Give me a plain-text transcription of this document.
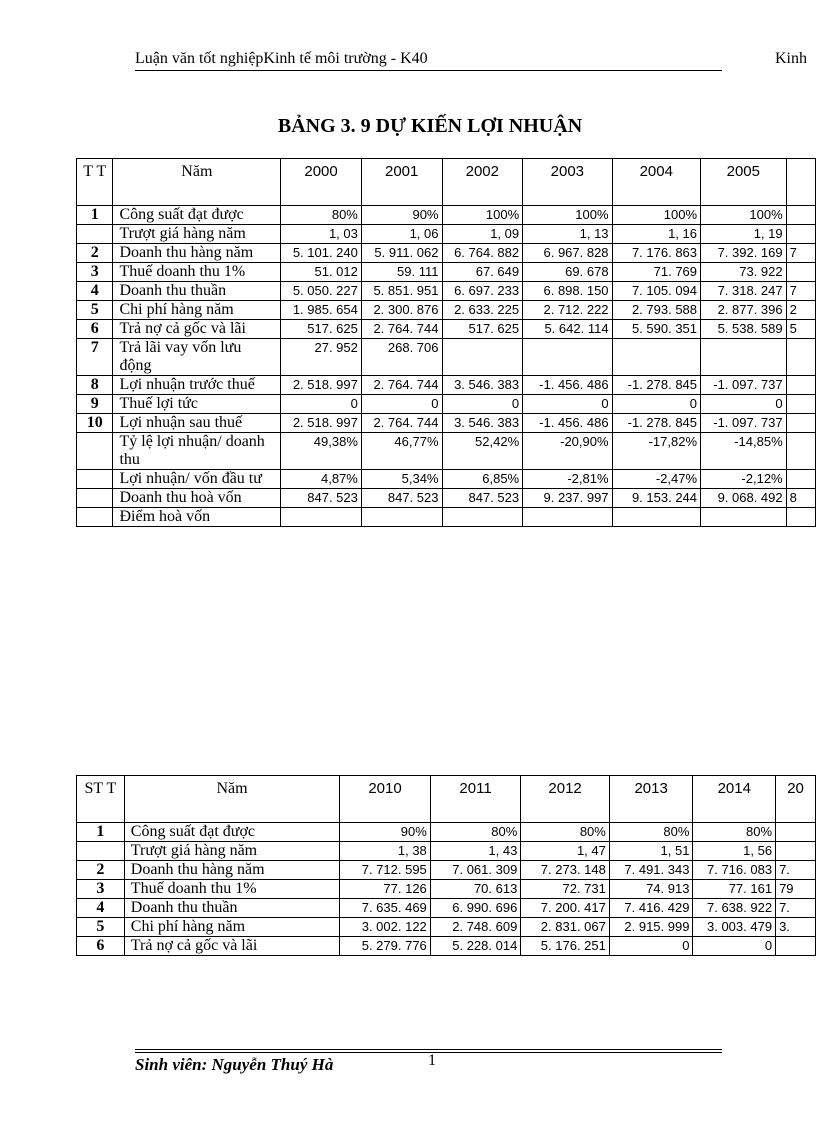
Luận văn tốt nghiệpKinh tế môi trường - K40	Kinh
BẢNG 3. 9 DỰ KIẾN LỢI NHUẬN
T T	Năm	2000	2001	2002	2003	2004	2005	
1	Công suất đạt được	80%	90%	100%	100%	100%	100%	
	Trượt giá hàng năm	1, 03	1, 06	1, 09	1, 13	1, 16	1, 19	
2	Doanh thu hàng năm	5. 101. 240	5. 911. 062	6. 764. 882	6. 967. 828	7. 176. 863	7. 392. 169	7
3	Thuế doanh thu 1%	51. 012	59. 111	67. 649	69. 678	71. 769	73. 922	
4	Doanh thu thuần	5. 050. 227	5. 851. 951	6. 697. 233	6. 898. 150	7. 105. 094	7. 318. 247	7
5	Chi phí hàng năm	1. 985. 654	2. 300. 876	2. 633. 225	2. 712. 222	2. 793. 588	2. 877. 396	2
6	Trả nợ cả gốc và lãi	517. 625	2. 764. 744	517. 625	5. 642. 114	5. 590. 351	5. 538. 589	5
7	Trả lãi vay vốn lưu động	27. 952	268. 706					
8	Lợi nhuận trước thuế	2. 518. 997	2. 764. 744	3. 546. 383	-1. 456. 486	-1. 278. 845	-1. 097. 737	
9	Thuế lợi tức	0	0	0	0	0	0	
10	Lợi nhuận sau thuế	2. 518. 997	2. 764. 744	3. 546. 383	-1. 456. 486	-1. 278. 845	-1. 097. 737	
	Tỷ lệ lợi nhuận/ doanh thu	49,38%	46,77%	52,42%	-20,90%	-17,82%	-14,85%	
	Lợi nhuận/ vốn đầu tư	4,87%	5,34%	6,85%	-2,81%	-2,47%	-2,12%	
	Doanh thu hoà vốn	847. 523	847. 523	847. 523	9. 237. 997	9. 153. 244	9. 068. 492	8
	Điểm hoà vốn							
ST T	Năm	2010	2011	2012	2013	2014	20
1	Công suất đạt được	90%	80%	80%	80%	80%	
	Trượt giá hàng năm	1, 38	1, 43	1, 47	1, 51	1, 56	
2	Doanh thu hàng năm	7. 712. 595	7. 061. 309	7. 273. 148	7. 491. 343	7. 716. 083	7.
3	Thuế doanh thu 1%	77. 126	70. 613	72. 731	74. 913	77. 161	79
4	Doanh thu thuần	7. 635. 469	6. 990. 696	7. 200. 417	7. 416. 429	7. 638. 922	7.
5	Chi phí hàng năm	3. 002. 122	2. 748. 609	2. 831. 067	2. 915. 999	3. 003. 479	3.
6	Trả nợ cả gốc và lãi	5. 279. 776	5. 228. 014	5. 176. 251	0	0	
Sinh viên: Nguyễn Thuý Hà	1
